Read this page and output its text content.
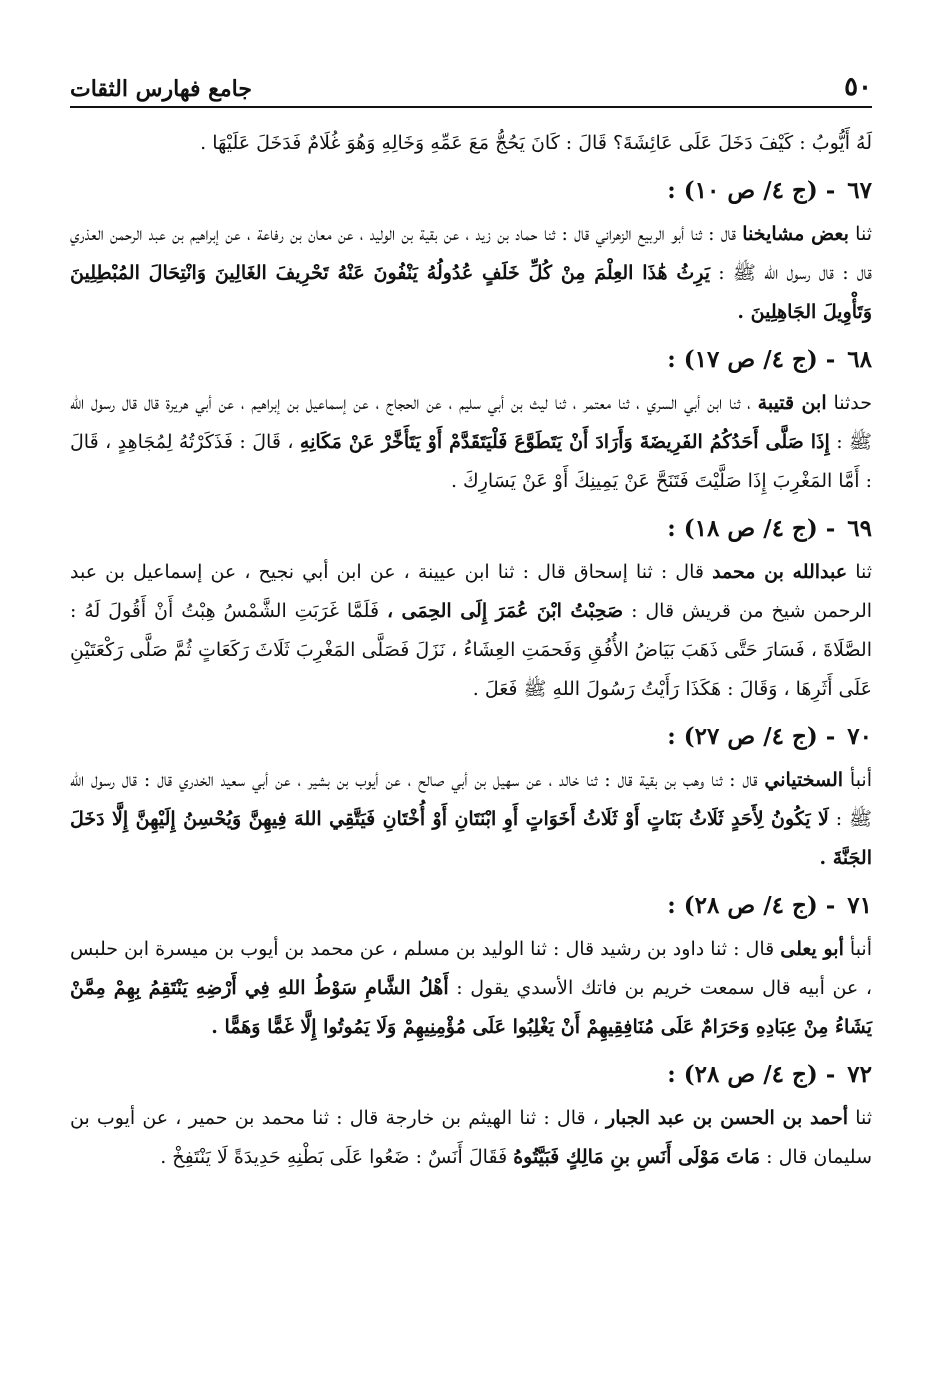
٥٠
جامع فهارس الثقات

لَهُ أَيُّوبُ : كَيْفَ دَخَلَ عَلَى عَائِشَةَ؟ قَالَ : كَانَ يَحُجُّ مَعَ عَمِّهِ وَخَالِهِ وَهُوَ غُلَامٌ فَدَخَلَ عَلَيْهَا .

٦٧ - (ج ٤/ ص ١٠) :

ثنا بعض مشايخنا قال : ثنا أبو الربيع الزهراني قال : ثنا حماد بن زيد ، عن بقية بن الوليد ، عن معان بن رفاعة ، عن إبراهيم بن عبد الرحمن العذري قال : قال رسول الله ﷺ : يَرِثُ هَٰذَا العِلْمَ مِنْ كُلِّ خَلَفٍ عُدُولُهُ يَنْفُونَ عَنْهُ تَحْرِيفَ الغَالِينَ وَانْتِحَالَ المُبْطِلِينَ وَتَأْوِيلَ الجَاهِلِينَ .

٦٨ - (ج ٤/ ص ١٧) :

حدثنا ابن قتيبة ، ثنا ابن أبي السري ، ثنا معتمر ، ثنا ليث بن أبي سليم ، عن الحجاج ، عن إسماعيل بن إبراهيم ، عن أبي هريرة قال قال رسول الله ﷺ : إِذَا صَلَّى أَحَدُكُمُ الفَرِيضَةَ وَأَرَادَ أَنْ يَتَطَوَّعَ فَلْيَتَقَدَّمْ أَوْ يَتَأَخَّرْ عَنْ مَكَانِهِ ، قَالَ : فَذَكَرْتُهُ لِمُجَاهِدٍ ، قَالَ : أَمَّا المَغْرِبَ إِذَا صَلَّيْتَ فَتَنَحَّ عَنْ يَمِينِكَ أَوْ عَنْ يَسَارِكَ .

٦٩ - (ج ٤/ ص ١٨) :

ثنا عبدالله بن محمد قال : ثنا إسحاق قال : ثنا ابن عيينة ، عن ابن أبي نجيح ، عن إسماعيل بن عبد الرحمن شيخ من قريش قال : صَحِبْتُ ابْنَ عُمَرَ إِلَى الحِمَى ، فَلَمَّا غَرَبَتِ الشَّمْسُ هِبْتُ أَنْ أَقُولَ لَهُ : الصَّلَاةَ ، فَسَارَ حَتَّى ذَهَبَ بَيَاضُ الأُفُقِ وَفَحمَتِ العِشَاءُ ، نَزَلَ فَصَلَّى المَغْرِبَ ثَلَاثَ رَكَعَاتٍ ثُمَّ صَلَّى رَكْعَتَيْنِ عَلَى أَثَرِهَا ، وَقَالَ : هَكَذَا رَأَيْتُ رَسُولَ اللهِ ﷺ فَعَلَ .

٧٠ - (ج ٤/ ص ٢٧) :

أنبأ السختياني قال : ثنا وهب بن بقية قال : ثنا خالد ، عن سهيل بن أبي صالح ، عن أيوب بن بشير ، عن أبي سعيد الخدري قال : قال رسول الله ﷺ : لَا يَكُونُ لِأَحَدٍ ثَلَاثُ بَنَاتٍ أَوْ ثَلَاثُ أَخَوَاتٍ أَوِ ابْنَتَانِ أَوْ أُخْتَانِ فَيَتَّقِي اللهَ فِيهِنَّ وَيُحْسِنُ إِلَيْهِنَّ إِلَّا دَخَلَ الجَنَّةَ .

٧١ - (ج ٤/ ص ٢٨) :

أنبأ أبو يعلى قال : ثنا داود بن رشيد قال : ثنا الوليد بن مسلم ، عن محمد بن أيوب بن ميسرة ابن حلبس ، عن أبيه قال سمعت خريم بن فاتك الأسدي يقول : أَهْلُ الشَّامِ سَوْطُ اللهِ فِي أَرْضِهِ يَنْتَقِمُ بِهِمْ مِمَّنْ يَشَاءُ مِنْ عِبَادِهِ وَحَرَامٌ عَلَى مُنَافِقِيهِمْ أَنْ يَغْلِبُوا عَلَى مُؤْمِنِيهِمْ وَلَا يَمُوتُوا إِلَّا غَمًّا وَهَمًّا .

٧٢ - (ج ٤/ ص ٢٨) :

ثنا أحمد بن الحسن بن عبد الجبار ، قال : ثنا الهيثم بن خارجة قال : ثنا محمد بن حمير ، عن أيوب بن سليمان قال : مَاتَ مَوْلَى أَنَسِ بنِ مَالِكٍ فَبَيَّتُوهُ فَقَالَ أَنَسٌ : ضَعُوا عَلَى بَطْنِهِ حَدِيدَةً لَا يَنْتَفِخْ .
